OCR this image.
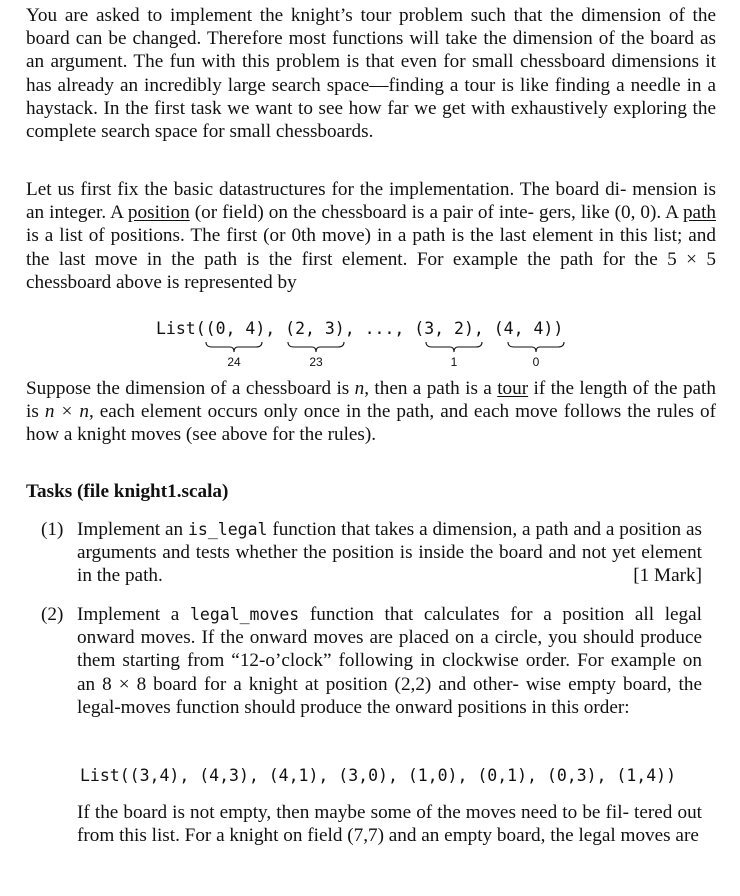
You are asked to implement the knight’s tour problem such that the dimension of the board can be changed. Therefore most functions will take the dimension of the board as an argument. The fun with this problem is that even for small chessboard dimensions it has already an incredibly large search space—finding a tour is like finding a needle in a haystack. In the first task we want to see how far we get with exhaustively exploring the complete search space for small chessboards.

Let us first fix the basic datastructures for the implementation. The board di‑ mension is an integer. A position (or field) on the chessboard is a pair of inte‑ gers, like (0, 0). A path is a list of positions. The first (or 0th move) in a path is the last element in this list; and the last move in the path is the first element. For example the path for the 5 × 5 chessboard above is represented by

List((0, 4), (2, 3), ..., (3, 2), (4, 4))
24	23	1	0

Suppose the dimension of a chessboard is n, then a path is a tour if the length of the path is n × n, each element occurs only once in the path, and each move follows the rules of how a knight moves (see above for the rules).

Tasks (file knight1.scala)
(1) Implement an is_legal function that takes a dimension, a path and a position as arguments and tests whether the position is inside the board and not yet element in the path.	[1 Mark]

(2) Implement a legal_moves function that calculates for a position all legal onward moves. If the onward moves are placed on a circle, you should produce them starting from “12‑o’clock” following in clockwise order. For example on an 8 × 8 board for a knight at position (2,2) and other‑ wise empty board, the legal‑moves function should produce the onward positions in this order:

If the board is not empty, then maybe some of the moves need to be fil‑ tered out from this list. For a knight on field (7,7) and an empty board, the legal moves are

List((3,4), (4,3), (4,1), (3,0), (1,0), (0,1), (0,3), (1,4))
